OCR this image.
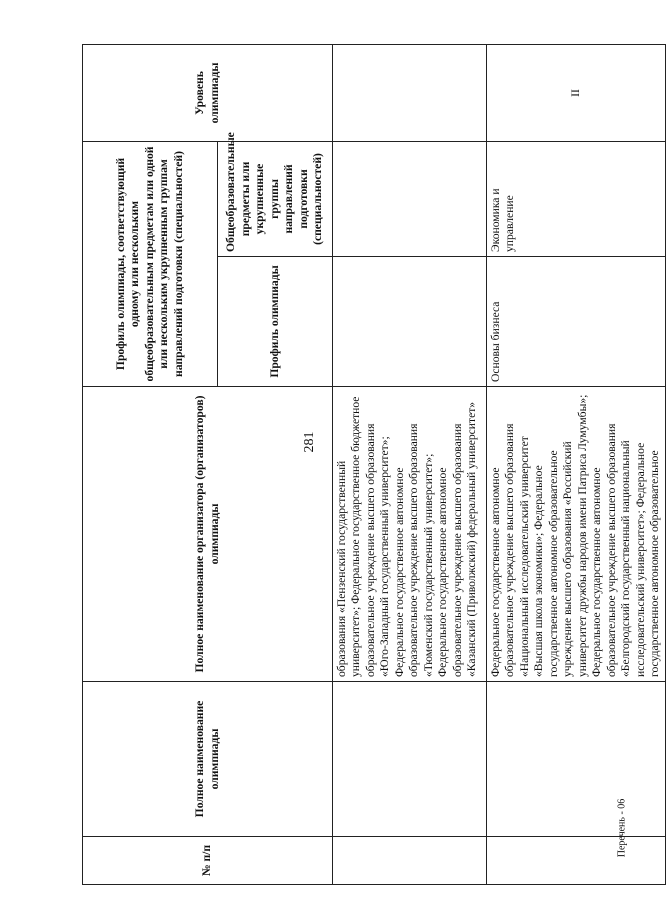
281
№ п/п	Полное наименование олимпиады	Полное наименование организатора (организаторов) олимпиады	Профиль олимпиады, соответствующий одному или нескольким общеобразовательным предметам или одной или нескольким укрупненным группам направлений подготовки (специальностей)		Уровень олимпиады
			Профиль олимпиады	Общеобразовательные предметы или укрупненные группы направлений подготовки (специальностей)	
		образования «Пензенский государственный университет»; Федеральное государственное бюджетное образовательное учреждение высшего образования «Юго-Западный государственный университет»; Федеральное государственное автономное образовательное учреждение высшего образования «Тюменский государственный университет»; Федеральное государственное автономное образовательное учреждение высшего образования «Казанский (Приволжский) федеральный университет»			
		Федеральное государственное автономное образовательное учреждение высшего образования «Национальный исследовательский университет «Высшая школа экономики»; Федеральное государственное автономное образовательное учреждение высшего образования «Российский университет дружбы народов имени Патриса Лумумбы»; Федеральное государственное автономное образовательное учреждение высшего образования «Белгородский государственный национальный исследовательский университет»; Федеральное государственное автономное образовательное	Основы бизнеса	Экономика и управление	II
Перечень - 06
